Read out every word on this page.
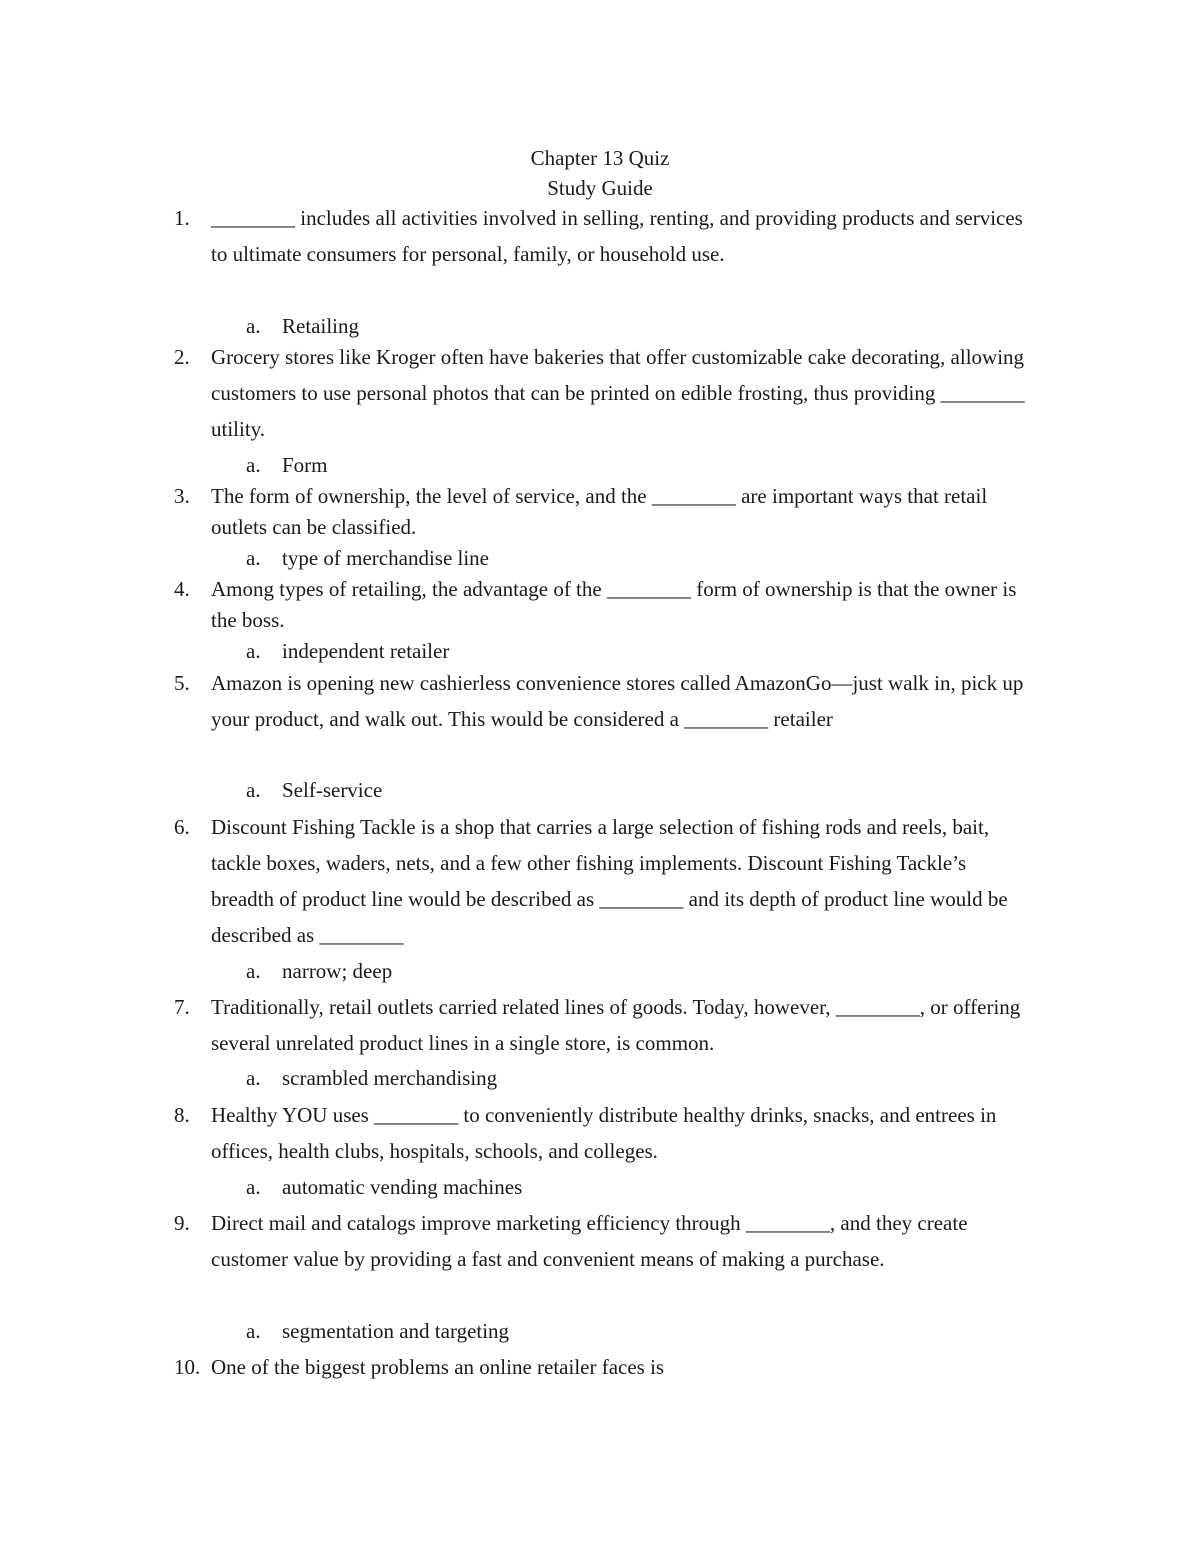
Chapter 13 Quiz
Study Guide
1.	________ includes all activities involved in selling, renting, and providing products and services to ultimate consumers for personal, family, or household use.
a. Retailing
2.	Grocery stores like Kroger often have bakeries that offer customizable cake decorating, allowing customers to use personal photos that can be printed on edible frosting, thus providing ________ utility.
a. Form
3.	The form of ownership, the level of service, and the ________ are important ways that retail outlets can be classified.
a. type of merchandise line
4.	Among types of retailing, the advantage of the ________ form of ownership is that the owner is the boss.
a. independent retailer
5.	Amazon is opening new cashierless convenience stores called AmazonGo—just walk in, pick up your product, and walk out. This would be considered a ________ retailer
a. Self-service
6.	Discount Fishing Tackle is a shop that carries a large selection of fishing rods and reels, bait, tackle boxes, waders, nets, and a few other fishing implements. Discount Fishing Tackle’s breadth of product line would be described as ________ and its depth of product line would be described as ________
a. narrow; deep
7.	Traditionally, retail outlets carried related lines of goods. Today, however, ________, or offering several unrelated product lines in a single store, is common.
a. scrambled merchandising
8.	Healthy YOU uses ________ to conveniently distribute healthy drinks, snacks, and entrees in offices, health clubs, hospitals, schools, and colleges.
a. automatic vending machines
9.	Direct mail and catalogs improve marketing efficiency through ________, and they create customer value by providing a fast and convenient means of making a purchase.
a. segmentation and targeting
10. One of the biggest problems an online retailer faces is
